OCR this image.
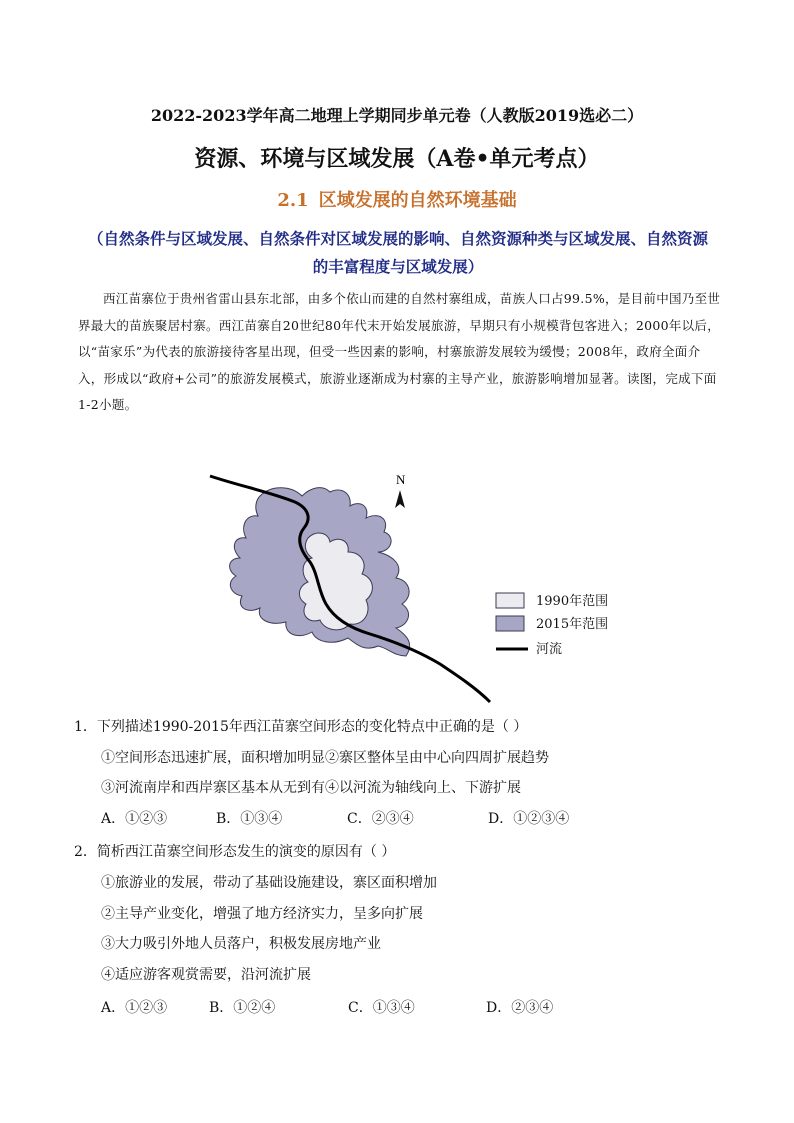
2022-2023学年高二地理上学期同步单元卷（人教版2019选必二）
资源、环境与区域发展（A卷•单元考点）
2.1 区域发展的自然环境基础
（自然条件与区域发展、自然条件对区域发展的影响、自然资源种类与区域发展、自然资源
的丰富程度与区域发展）
西江苗寨位于贵州省雷山县东北部，由多个依山而建的自然村寨组成，苗族人口占99.5%，是目前中国乃至世界最大的苗族聚居村寨。西江苗寨自20世纪80年代末开始发展旅游，早期只有小规模背包客进入；2000年以后，以“苗家乐”为代表的旅游接待客星出现，但受一些因素的影响，村寨旅游发展较为缓慢；2008年，政府全面介入，形成以“政府+公司”的旅游发展模式，旅游业逐渐成为村寨的主导产业，旅游影响增加显著。读图，完成下面1-2小题。
N
1990年范围
2015年范围
河流
1．下列描述1990-2015年西江苗寨空间形态的变化特点中正确的是（ ）
①空间形态迅速扩展，面积增加明显②寨区整体呈由中心向四周扩展趋势
③河流南岸和西岸寨区基本从无到有④以河流为轴线向上、下游扩展
A．①②③	B．①③④	C．②③④	D．①②③④
2．简析西江苗寨空间形态发生的演变的原因有（ ）
①旅游业的发展，带动了基础设施建设，寨区面积增加
②主导产业变化，增强了地方经济实力，呈多向扩展
③大力吸引外地人员落户，积极发展房地产业
④适应游客观赏需要，沿河流扩展
A．①②③	B．①②④	C．①③④	D．②③④
